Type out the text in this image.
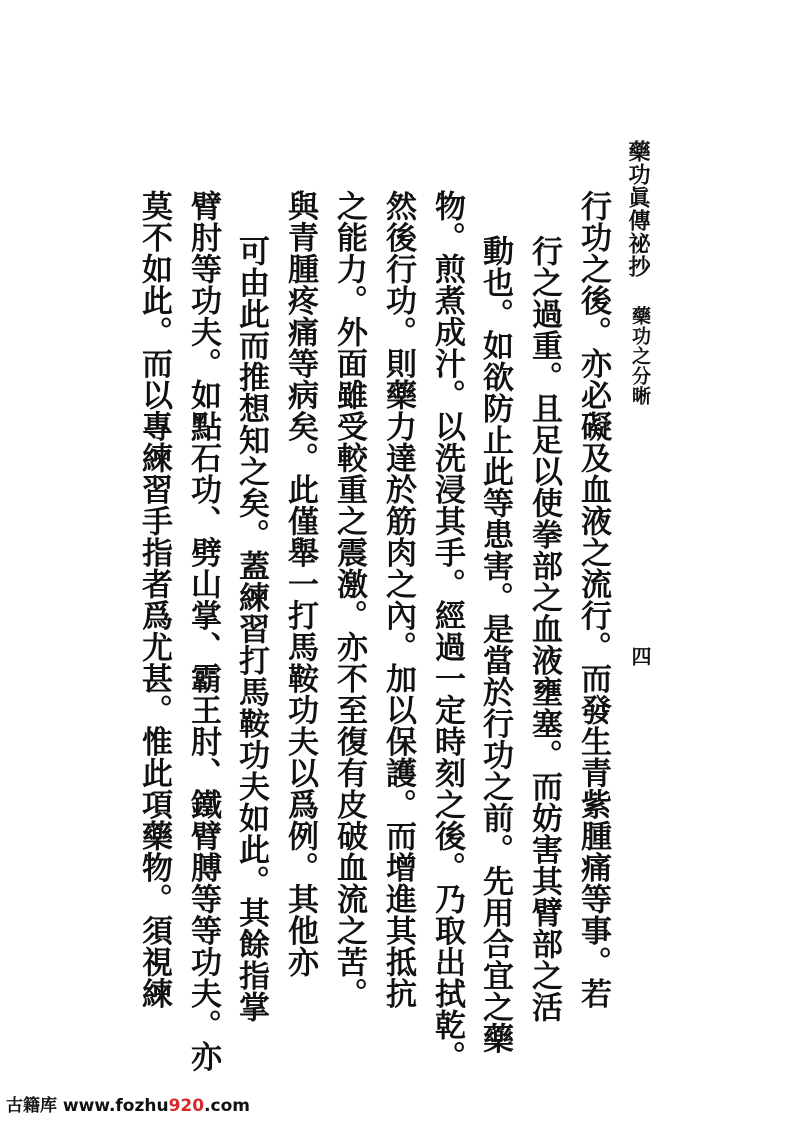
藥功眞傳祕抄
藥功之分晰
四
行功之後。亦必礙及血液之流行。而發生青紫腫痛等事。若
行之過重。且足以使拳部之血液壅塞。而妨害其臂部之活
動也。如欲防止此等患害。是當於行功之前。先用合宜之藥
物。煎煮成汁。以洗浸其手。經過一定時刻之後。乃取出拭乾。
然後行功。則藥力達於筋肉之內。加以保護。而增進其抵抗
之能力。外面雖受較重之震激。亦不至復有皮破血流之苦。
與青腫疼痛等病矣。此僅舉一打馬鞍功夫以爲例。其他亦
可由此而推想知之矣。蓋練習打馬鞍功夫如此。其餘指掌
臂肘等功夫。如點石功、劈山掌、霸王肘、鐵臂膊等等功夫。亦
莫不如此。而以專練習手指者爲尤甚。惟此項藥物。須視練
古籍库 www.fozhu920.com
